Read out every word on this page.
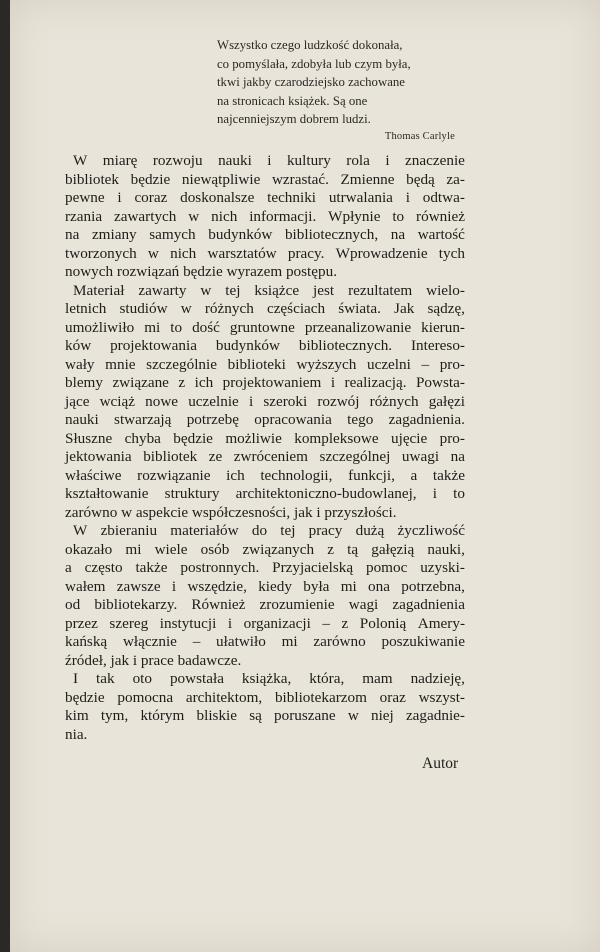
Wszystko czego ludzkość dokonała,
co pomyślała, zdobyła lub czym była,
tkwi jakby czarodziejsko zachowane
na stronicach książek. Są one
najcenniejszym dobrem ludzi.
Thomas Carlyle
W miarę rozwoju nauki i kultury rola i znaczenie
bibliotek będzie niewątpliwie wzrastać. Zmienne będą za-
pewne i coraz doskonalsze techniki utrwalania i odtwa-
rzania zawartych w nich informacji. Wpłynie to również
na zmiany samych budynków bibliotecznych, na wartość
tworzonych w nich warsztatów pracy. Wprowadzenie tych
nowych rozwiązań będzie wyrazem postępu.
Materiał zawarty w tej książce jest rezultatem wielo-
letnich studiów w różnych częściach świata. Jak sądzę,
umożliwiło mi to dość gruntowne przeanalizowanie kierun-
ków projektowania budynków bibliotecznych. Intereso-
wały mnie szczególnie biblioteki wyższych uczelni – pro-
blemy związane z ich projektowaniem i realizacją. Powsta-
jące wciąż nowe uczelnie i szeroki rozwój różnych gałęzi
nauki stwarzają potrzebę opracowania tego zagadnienia.
Słuszne chyba będzie możliwie kompleksowe ujęcie pro-
jektowania bibliotek ze zwróceniem szczególnej uwagi na
właściwe rozwiązanie ich technologii, funkcji, a także
kształtowanie struktury architektoniczno-budowlanej, i to
zarówno w aspekcie współczesności, jak i przyszłości.
W zbieraniu materiałów do tej pracy dużą życzliwość
okazało mi wiele osób związanych z tą gałęzią nauki,
a często także postronnych. Przyjacielską pomoc uzyski-
wałem zawsze i wszędzie, kiedy była mi ona potrzebna,
od bibliotekarzy. Również zrozumienie wagi zagadnienia
przez szereg instytucji i organizacji – z Polonią Amery-
kańską włącznie – ułatwiło mi zarówno poszukiwanie
źródeł, jak i prace badawcze.
I tak oto powstała książka, która, mam nadzieję,
będzie pomocna architektom, bibliotekarzom oraz wszyst-
kim tym, którym bliskie są poruszane w niej zagadnie-
nia.
Autor
